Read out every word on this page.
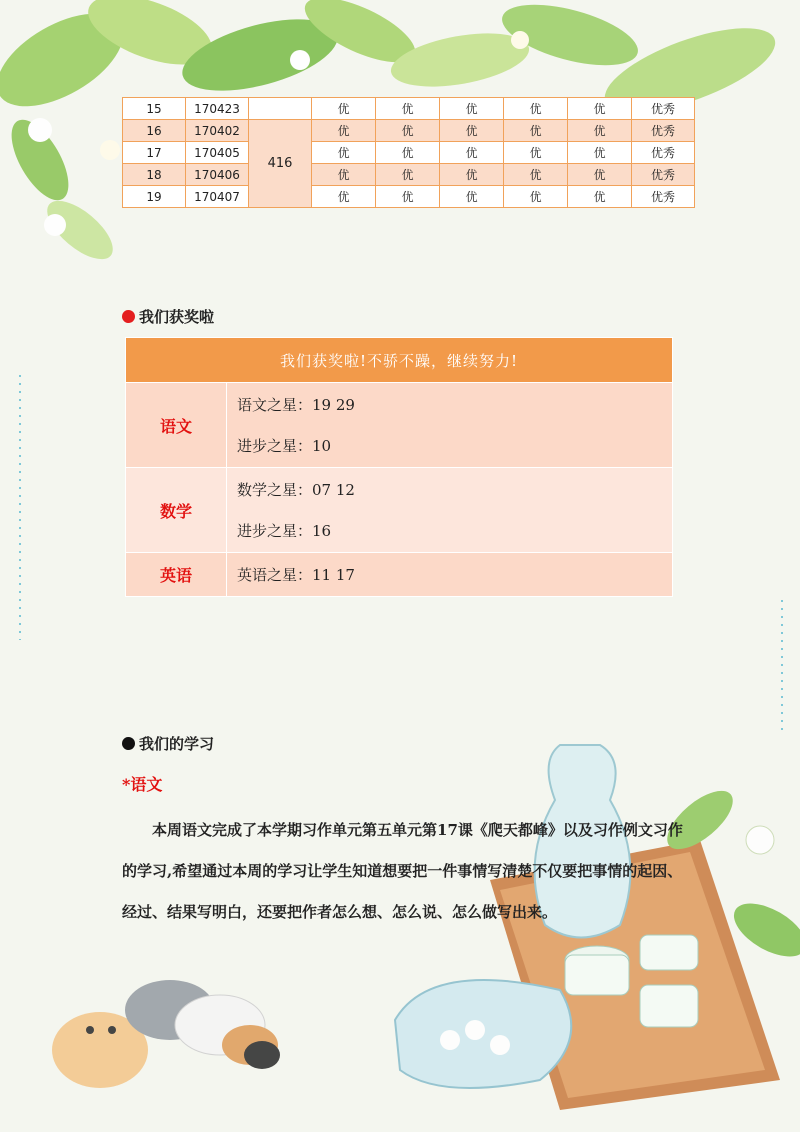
15	170423		优	优	优	优	优	优秀
16	170402	416	优	优	优	优	优	优秀
17	170405		优	优	优	优	优	优秀
18	170406		优	优	优	优	优	优秀
19	170407		优	优	优	优	优	优秀
我们获奖啦
我们获奖啦!不骄不躁，继续努力!	
语文	语文之星：19 29
进步之星：10

数学	数学之星：07 12
进步之星：16

英语	英语之星：11 17
我们的学习
*语文
本周语文完成了本学期习作单元第五单元第17课《爬天都峰》以及习作例文习作的学习,希望通过本周的学习让学生知道想要把一件事情写清楚不仅要把事情的起因、经过、结果写明白，还要把作者怎么想、怎么说、怎么做写出来。
